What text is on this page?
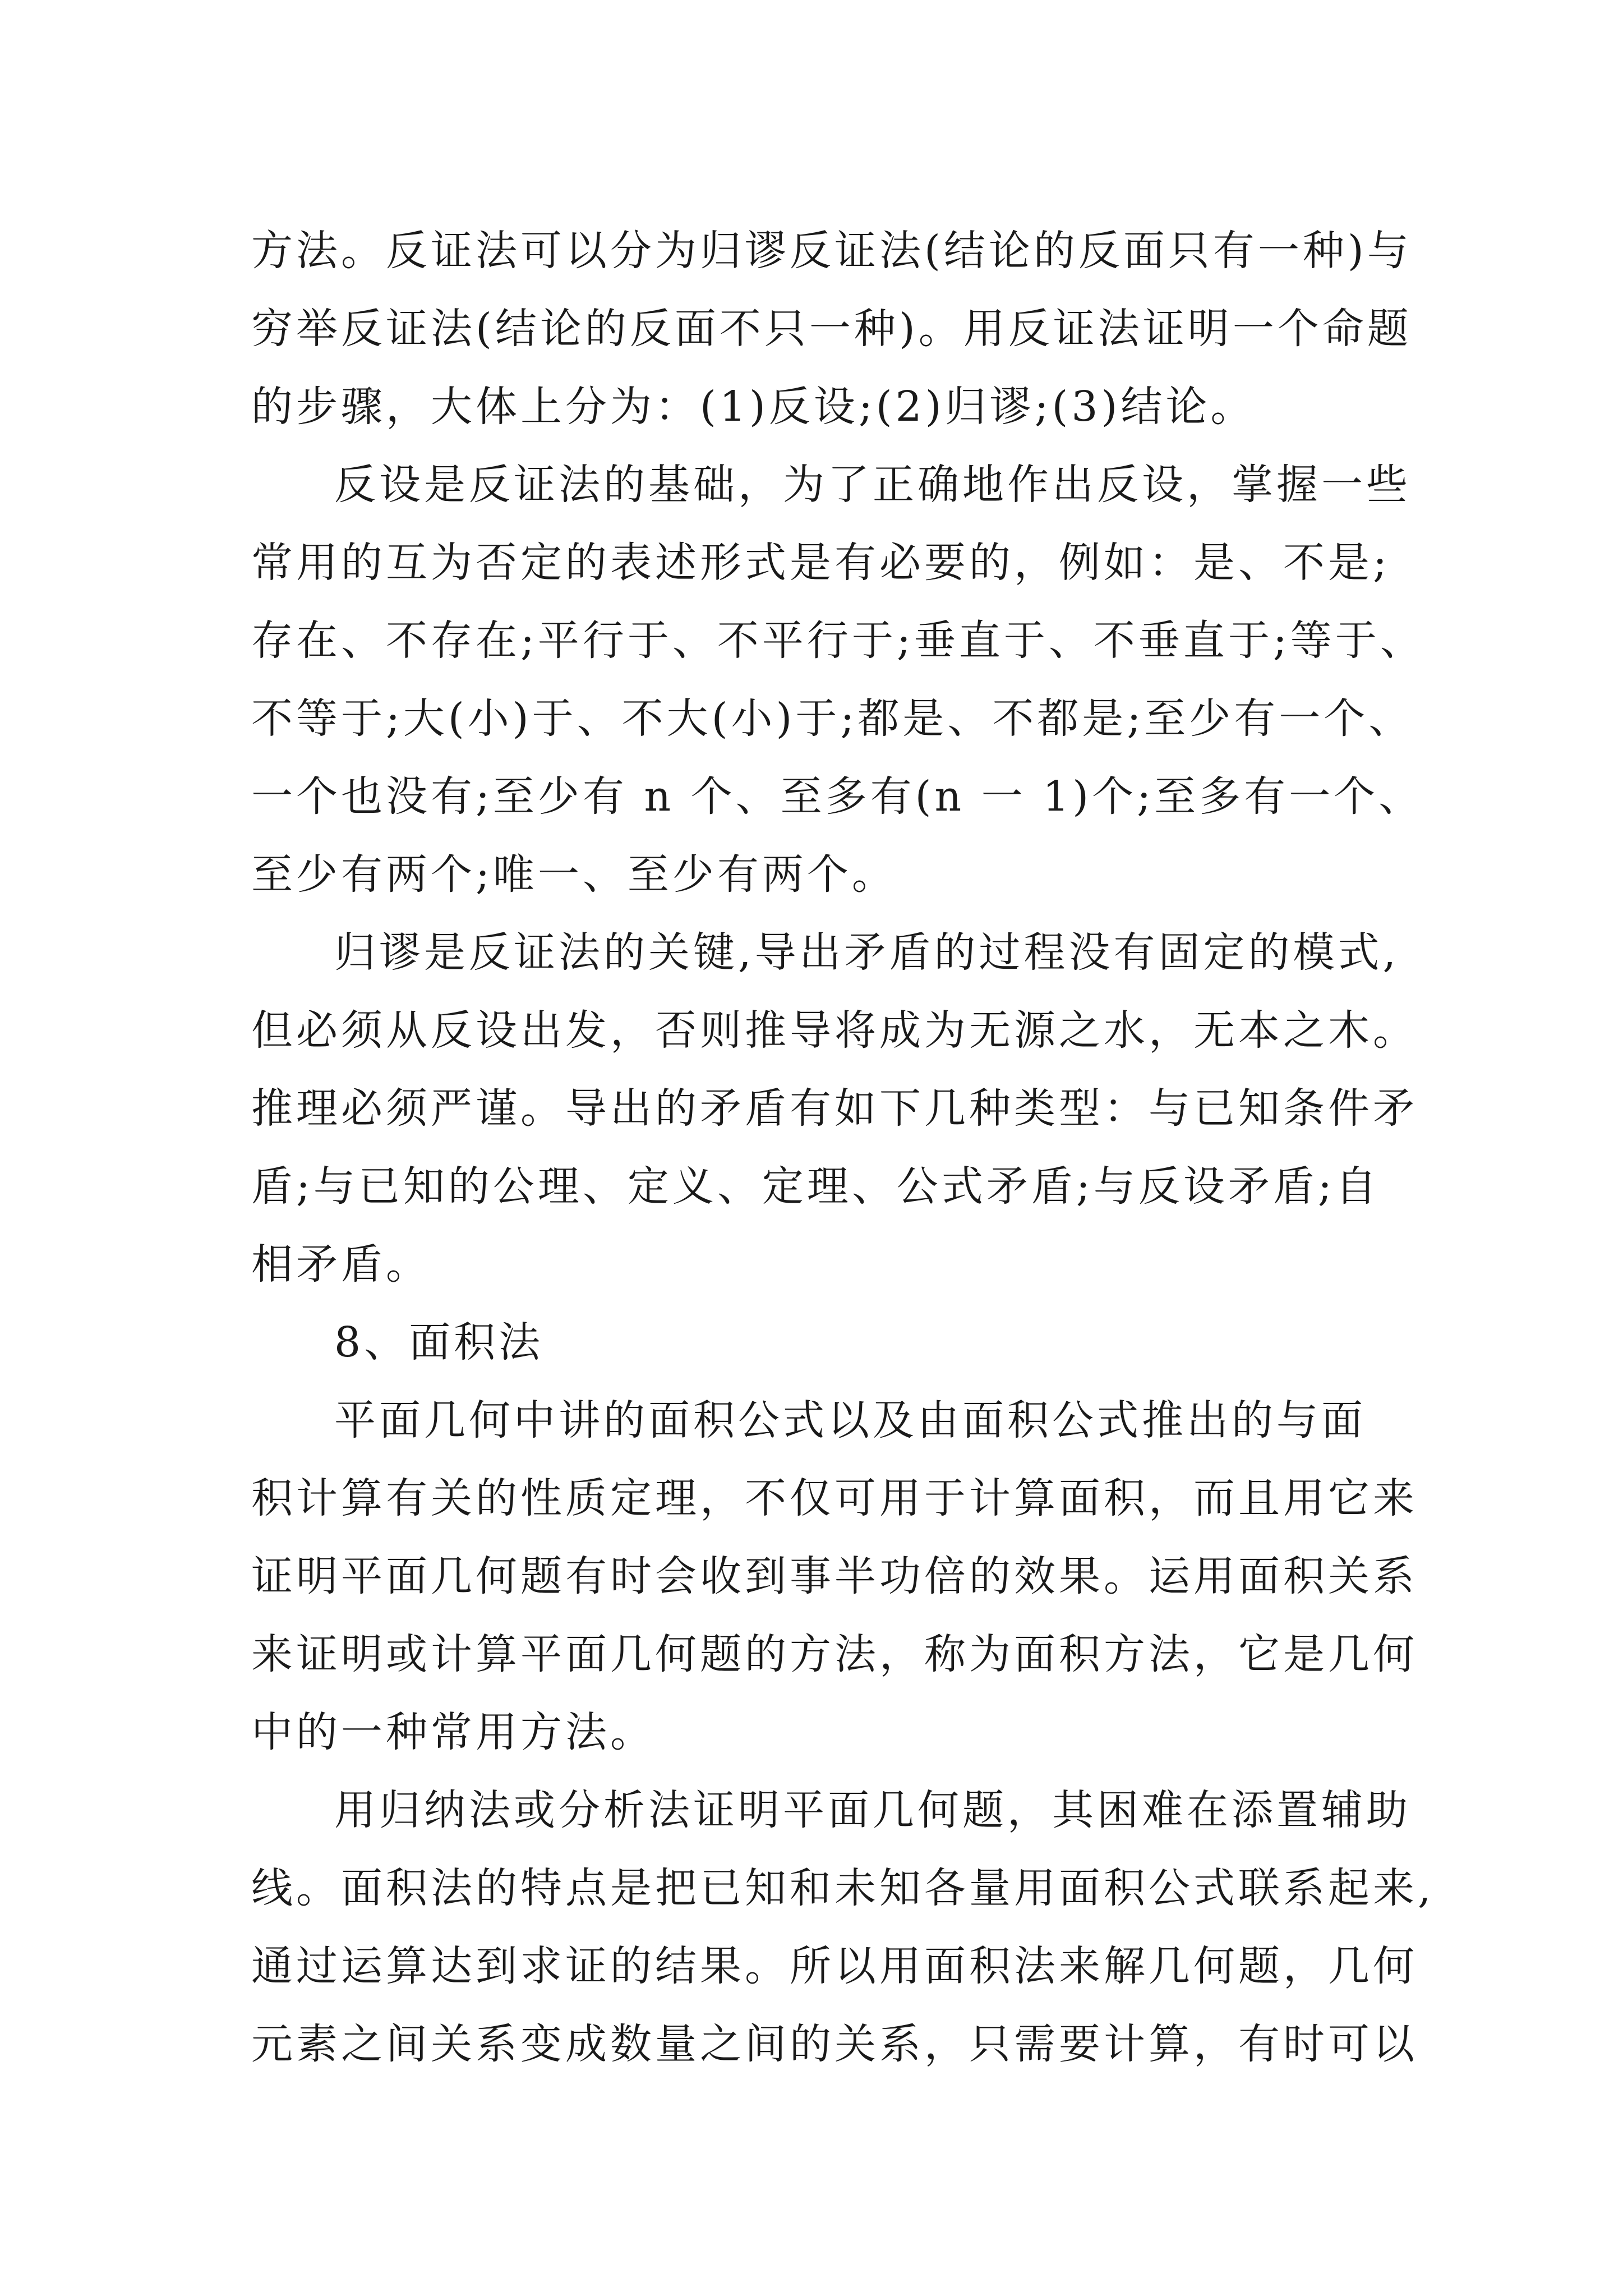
方法。反证法可以分为归谬反证法(结论的反面只有一种)与
穷举反证法(结论的反面不只一种)。用反证法证明一个命题
的步骤，大体上分为：(1)反设;(2)归谬;(3)结论。
反设是反证法的基础，为了正确地作出反设，掌握一些
常用的互为否定的表述形式是有必要的，例如：是、不是;
存在、不存在;平行于、不平行于;垂直于、不垂直于;等于、
不等于;大(小)于、不大(小)于;都是、不都是;至少有一个、
一个也没有;至少有 n 个、至多有(n 一 1)个;至多有一个、
至少有两个;唯一、至少有两个。
归谬是反证法的关键,导出矛盾的过程没有固定的模式,
但必须从反设出发，否则推导将成为无源之水，无本之木。
推理必须严谨。导出的矛盾有如下几种类型：与已知条件矛
盾;与已知的公理、定义、定理、公式矛盾;与反设矛盾;自
相矛盾。
8、面积法
平面几何中讲的面积公式以及由面积公式推出的与面
积计算有关的性质定理，不仅可用于计算面积，而且用它来
证明平面几何题有时会收到事半功倍的效果。运用面积关系
来证明或计算平面几何题的方法，称为面积方法，它是几何
中的一种常用方法。
用归纳法或分析法证明平面几何题，其困难在添置辅助
线。面积法的特点是把已知和未知各量用面积公式联系起来,
通过运算达到求证的结果。所以用面积法来解几何题，几何
元素之间关系变成数量之间的关系，只需要计算，有时可以
